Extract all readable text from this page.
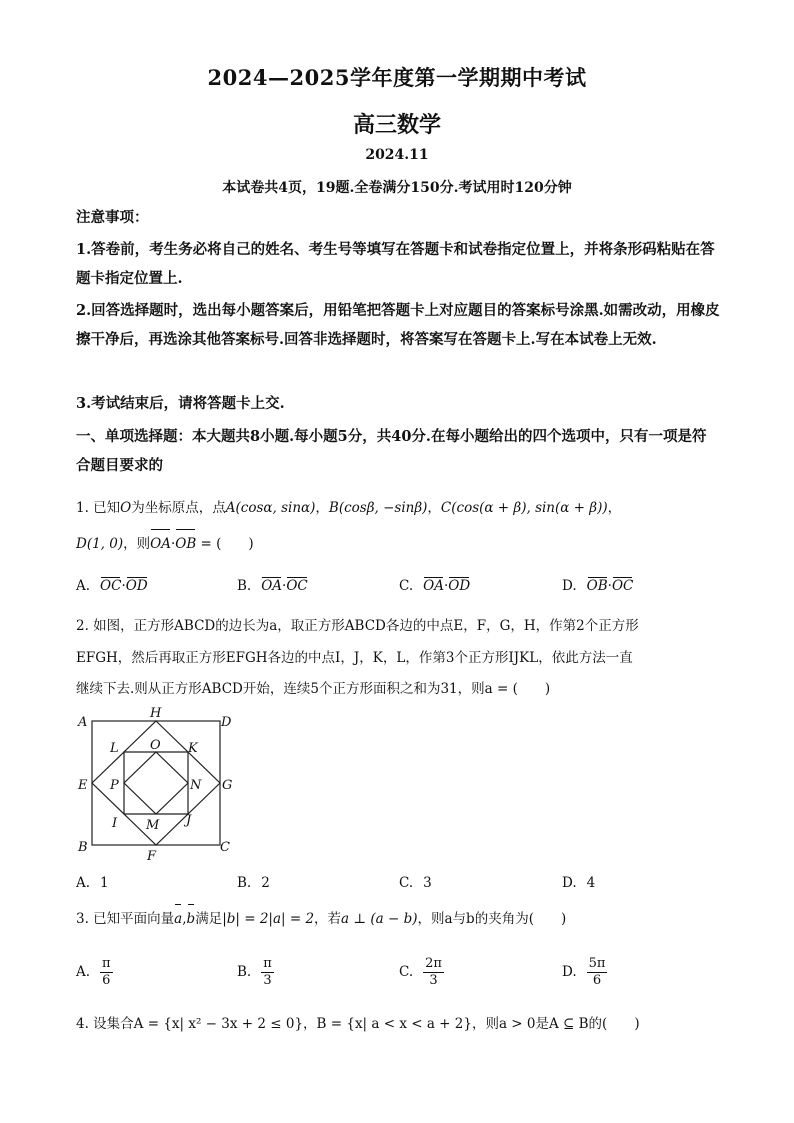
2024—2025学年度第一学期期中考试
高三数学
2024.11
本试卷共4页，19题.全卷满分150分.考试用时120分钟
注意事项：
1.答卷前，考生务必将自己的姓名、考生号等填写在答题卡和试卷指定位置上，并将条形码粘贴在答题卡指定位置上.
2.回答选择题时，选出每小题答案后，用铅笔把答题卡上对应题目的答案标号涂黑.如需改动，用橡皮擦干净后，再选涂其他答案标号.回答非选择题时，将答案写在答题卡上.写在本试卷上无效.
3.考试结束后，请将答题卡上交.
一、单项选择题：本大题共8小题.每小题5分，共40分.在每小题给出的四个选项中，只有一项是符合题目要求的
1. 已知O为坐标原点，点A(cosα, sinα)，B(cosβ, −sinβ)，C(cos(α + β), sin(α + β))，
D(1, 0)，则OA·OB = (　　)
A. OC·OD	B. OA·OC	C. OA·OD	D. OB·OC
2. 如图，正方形ABCD的边长为a，取正方形ABCD各边的中点E，F，G，H，作第2个正方形
EFGH，然后再取正方形EFGH各边的中点I，J，K，L，作第3个正方形IJKL，依此方法一直
继续下去.则从正方形ABCD开始，连续5个正方形面积之和为31，则a = (　　)
A
B	C
D
E
F
G
H
I	J
K
L
M
N
O
P
A. 1	B. 2	C. 3	D. 4
3. 已知平面向量a,b满足|b| = 2|a| = 2，若a ⊥ (a − b)，则a与b的夹角为(　　)
A. $\frac{\pi}{6}$	B. $\frac{\pi}{3}$	C. $\frac{2\pi}{3}$	D. $\frac{5\pi}{6}$
4. 设集合A = {x| x² − 3x + 2 ≤ 0}，B = {x| a < x < a + 2}，则a > 0是A ⊆ B的(　　)
